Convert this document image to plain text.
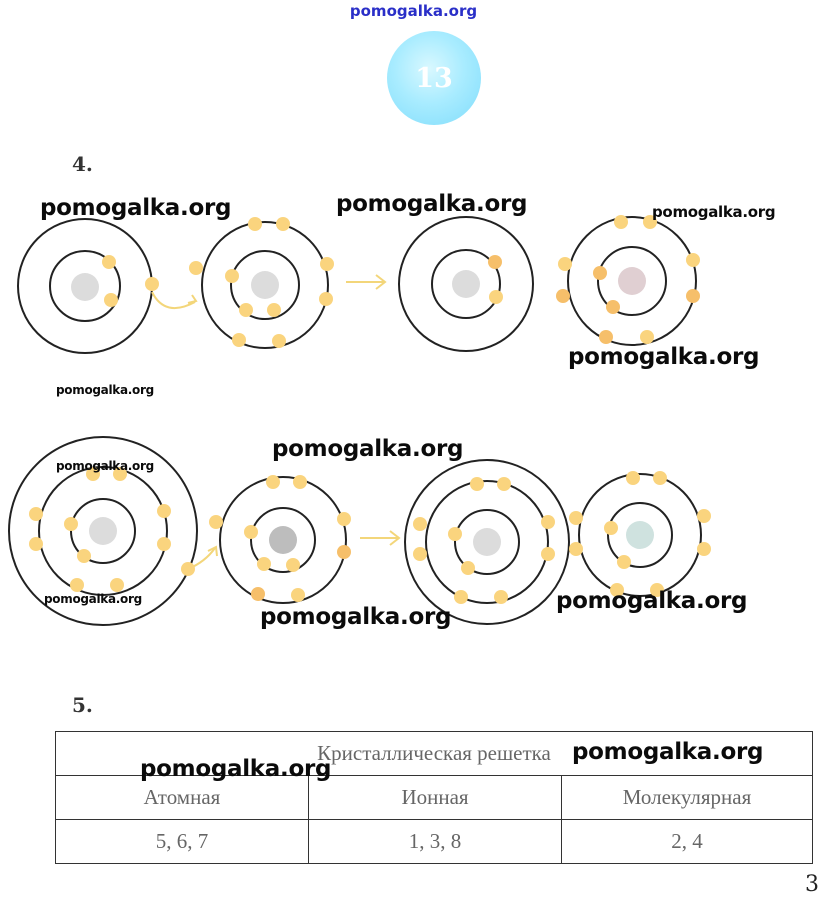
pomogalka.org
13
4.
pomogalka.org	pomogalka.org	pomogalka.org
pomogalka.org
pomogalka.org
pomogalka.org
pomogalka.org
pomogalka.org
pomogalka.org
pomogalka.org
5.
Кристаллическая решетка		
Атомная	Ионная	Молекулярная
5, 6, 7	1, 3, 8	2, 4
pomogalka.org
pomogalka.org
3
